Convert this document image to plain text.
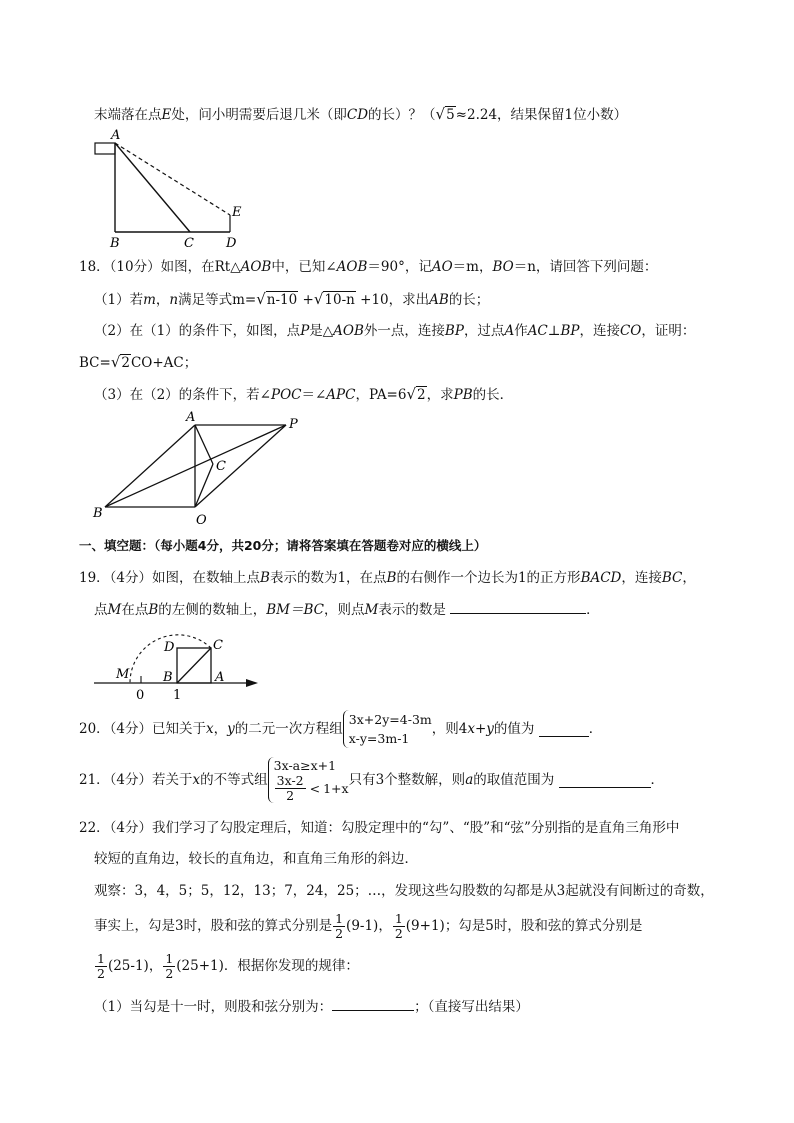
末端落在点E处，问小明需要后退几米（即CD的长）？（√5≈2.24，结果保留1位小数）
A
B	C D
E
18．（10分）如图，在Rt△AOB中，已知∠AOB＝90°，记AO＝m，BO＝n，请回答下列问题：
（1）若m，n满足等式m=√n-10 +√10-n +10，求出AB的长；
（2）在（1）的条件下，如图，点P是△AOB外一点，连接BP，过点A作AC⊥BP，连接CO，证明：
BC=√2CO+AC；
（3）在（2）的条件下，若∠POC＝∠APC，PA=6√2，求PB的长．
A	P
C
B	O
一、填空题：（每小题4分，共20分；请将答案填在答题卷对应的横线上）
19．（4分）如图，在数轴上点B表示的数为1，在点B的右侧作一个边长为1的正方形BACD，连接BC，
点M在点B的左侧的数轴上，BM＝BC，则点M表示的数是	．
M
0
B
1
D	C
A
20．（4分）已知关于 x ， y 的二元一次方程组
3x+2y=4-3m
x-y=3m-1
，则4 x+y 的值为
	．
21．（4分）若关于 x 的不等式组
3x-a≥x+1
$\frac{3x-2}{2} < 1+x$
只有3个整数解，则 a 的取值范围为
	．
22．（4分）我们学习了勾股定理后，知道：勾股定理中的“勾”、“股”和“弦”分别指的是直角三角形中
较短的直角边，较长的直角边，和直角三角形的斜边．
观察：3，4，5；5，12，13；7，24，25；…，发现这些勾股数的勾都是从3起就没有间断过的奇数，
事实上，勾是3时，股和弦的算式分别是 $\frac{1}{2} (9-1)$ ， $\frac{1}{2} (9+1)$ ；勾是5时，股和弦的算式分别是
$\frac{1}{2} (25-1)$ ， $\frac{1}{2} (25+1)$ ．根据你发现的规律：
（1）当勾是十一时，则股和弦分别为：	；（直接写出结果）
